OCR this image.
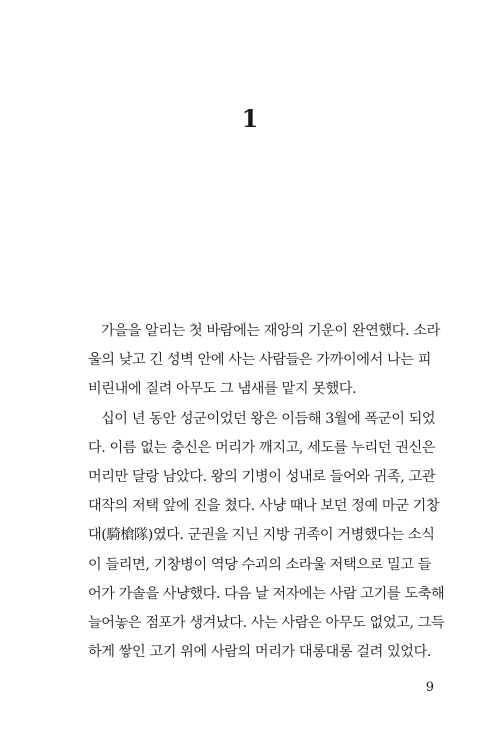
1
가을을 알리는 첫 바람에는 재앙의 기운이 완연했다. 소라
울의 낮고 긴 성벽 안에 사는 사람들은 가까이에서 나는 피
비린내에 질려 아무도 그 냄새를 맡지 못했다.
십이 년 동안 성군이었던 왕은 이듬해 3월에 폭군이 되었
다. 이름 없는 충신은 머리가 깨지고, 세도를 누리던 권신은
머리만 달랑 남았다. 왕의 기병이 성내로 들어와 귀족, 고관
대작의 저택 앞에 진을 쳤다. 사냥 때나 보던 정예 마군 기창
대(騎槍隊)였다. 군권을 지닌 지방 귀족이 거병했다는 소식
이 들리면, 기창병이 역당 수괴의 소라울 저택으로 밀고 들
어가 가솔을 사냥했다. 다음 날 저자에는 사람 고기를 도축해
늘어놓은 점포가 생겨났다. 사는 사람은 아무도 없었고, 그득
하게 쌓인 고기 위에 사람의 머리가 대롱대롱 걸려 있었다.
9
